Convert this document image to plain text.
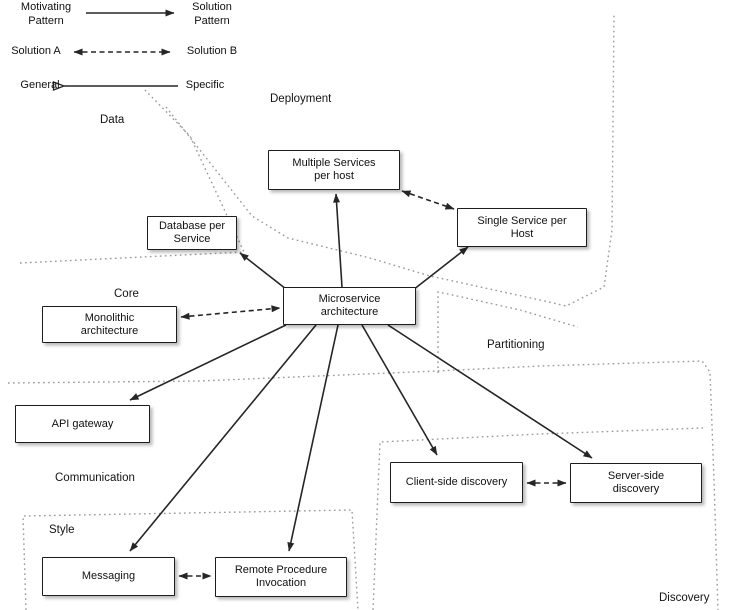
Data
Deployment
Core
Partitioning
Communication
Style
Discovery
Motivating
Pattern
Solution
Pattern
Solution A	Solution B
General	Specific
Multiple Services
per host
Single Service per
Host
Database per
Service
Microservice
architecture
Monolithic
architecture
API gateway
Client-side discovery	Server-side
discovery
Messaging	Remote Procedure
Invocation
